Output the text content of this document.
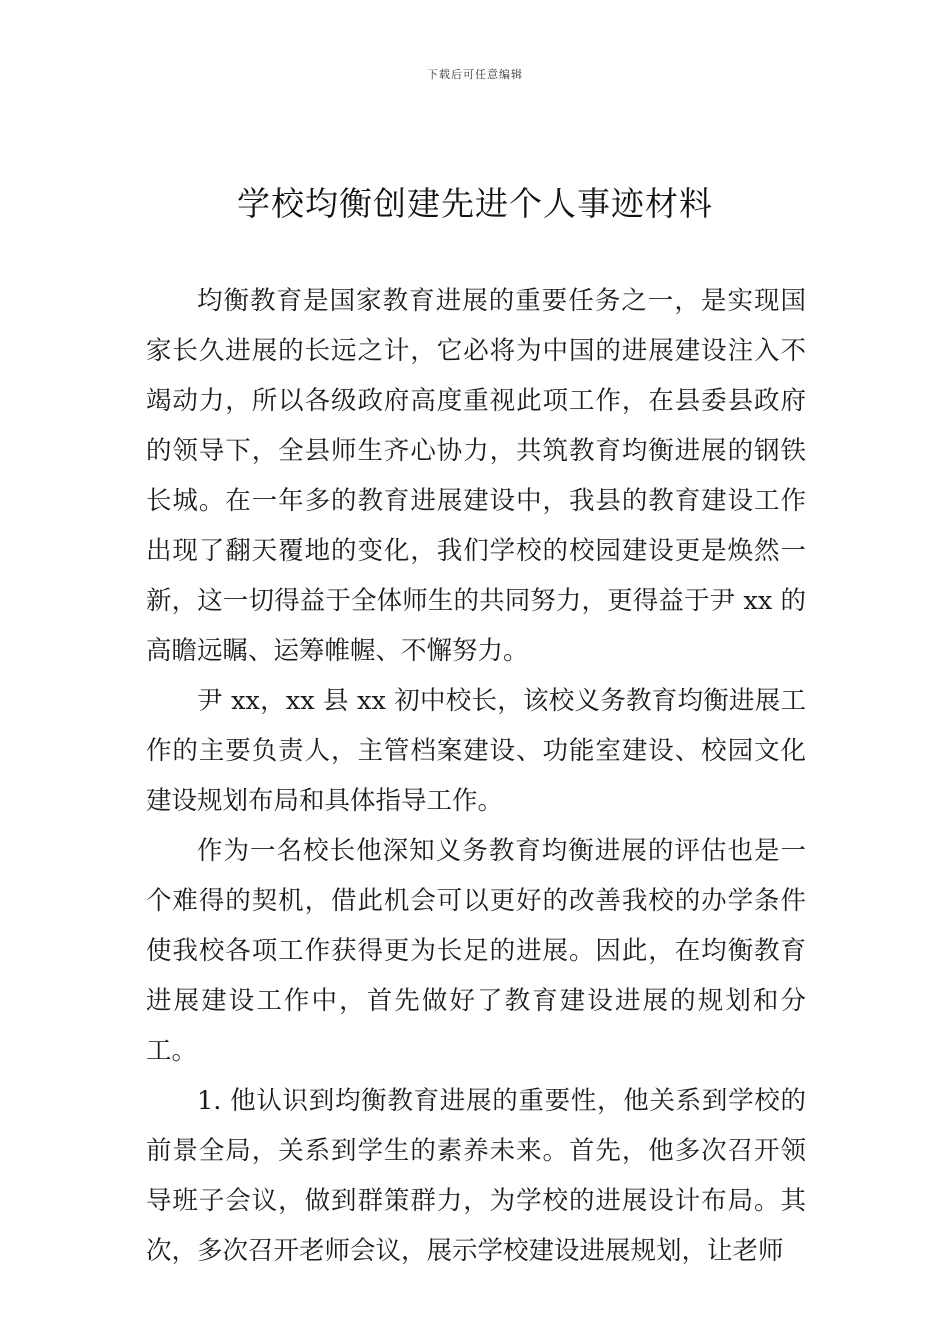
下载后可任意编辑
学校均衡创建先进个人事迹材料

均衡教育是国家教育进展的重要任务之一，是实现国家长久进展的长远之计，它必将为中国的进展建设注入不竭动力，所以各级政府高度重视此项工作，在县委县政府的领导下，全县师生齐心协力，共筑教育均衡进展的钢铁长城。在一年多的教育进展建设中，我县的教育建设工作出现了翻天覆地的变化，我们学校的校园建设更是焕然一新，这一切得益于全体师生的共同努力，更得益于尹 xx 的高瞻远瞩、运筹帷幄、不懈努力。

尹 xx，xx 县 xx 初中校长，该校义务教育均衡进展工作的主要负责人，主管档案建设、功能室建设、校园文化建设规划布局和具体指导工作。

作为一名校长他深知义务教育均衡进展的评估也是一个难得的契机，借此机会可以更好的改善我校的办学条件使我校各项工作获得更为长足的进展。因此，在均衡教育进展建设工作中，首先做好了教育建设进展的规划和分工。

1. 他认识到均衡教育进展的重要性，他关系到学校的前景全局，关系到学生的素养未来。首先，他多次召开领导班子会议，做到群策群力，为学校的进展设计布局。其次，多次召开老师会议，展示学校建设进展规划，让老师
